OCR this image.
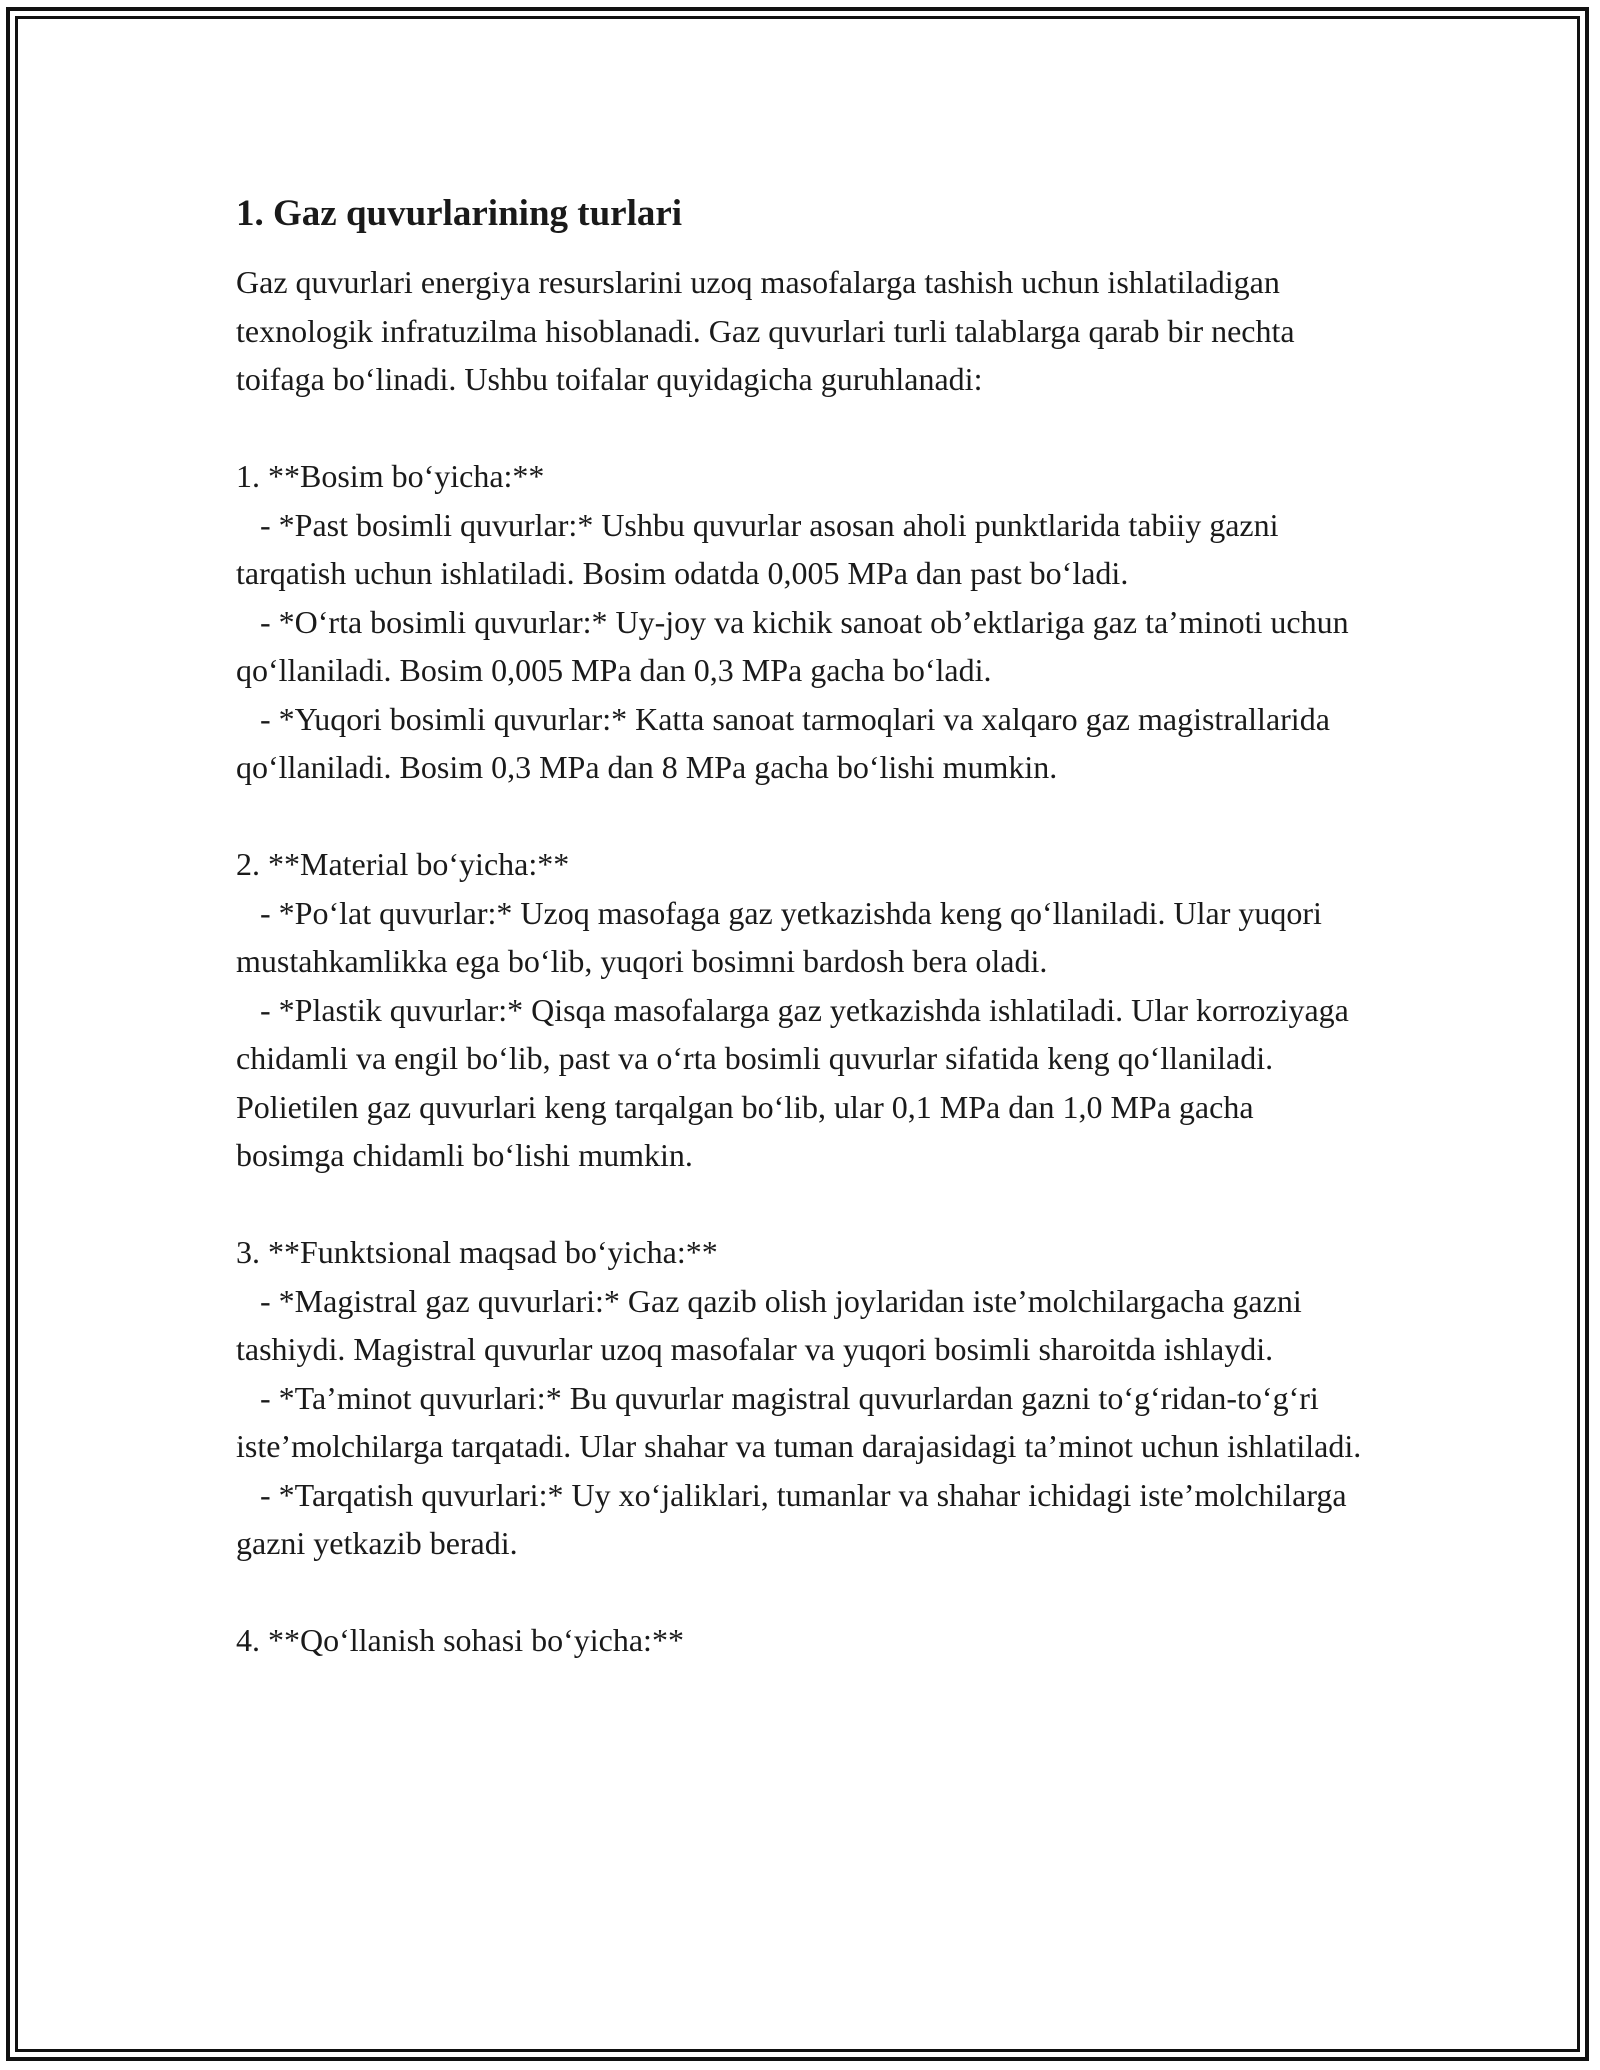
1. Gaz quvurlarining turlari
Gaz quvurlari energiya resurslarini uzoq masofalarga tashish uchun ishlatiladigan texnologik infratuzilma hisoblanadi. Gaz quvurlari turli talablarga qarab bir nechta toifaga bo‘linadi. Ushbu toifalar quyidagicha guruhlanadi:

1. **Bosim bo‘yicha:**
- *Past bosimli quvurlar:* Ushbu quvurlar asosan aholi punktlarida tabiiy gazni tarqatish uchun ishlatiladi. Bosim odatda 0,005 MPa dan past bo‘ladi.
- *O‘rta bosimli quvurlar:* Uy-joy va kichik sanoat ob’ektlariga gaz ta’minoti uchun qo‘llaniladi. Bosim 0,005 MPa dan 0,3 MPa gacha bo‘ladi.
- *Yuqori bosimli quvurlar:* Katta sanoat tarmoqlari va xalqaro gaz magistrallarida qo‘llaniladi. Bosim 0,3 MPa dan 8 MPa gacha bo‘lishi mumkin.

2. **Material bo‘yicha:**
- *Po‘lat quvurlar:* Uzoq masofaga gaz yetkazishda keng qo‘llaniladi. Ular yuqori mustahkamlikka ega bo‘lib, yuqori bosimni bardosh bera oladi.
- *Plastik quvurlar:* Qisqa masofalarga gaz yetkazishda ishlatiladi. Ular korroziyaga chidamli va engil bo‘lib, past va o‘rta bosimli quvurlar sifatida keng qo‘llaniladi. Polietilen gaz quvurlari keng tarqalgan bo‘lib, ular 0,1 MPa dan 1,0 MPa gacha bosimga chidamli bo‘lishi mumkin.

3. **Funktsional maqsad bo‘yicha:**
- *Magistral gaz quvurlari:* Gaz qazib olish joylaridan iste’molchilargacha gazni tashiydi. Magistral quvurlar uzoq masofalar va yuqori bosimli sharoitda ishlaydi.
- *Ta’minot quvurlari:* Bu quvurlar magistral quvurlardan gazni to‘g‘ridan-to‘g‘ri iste’molchilarga tarqatadi. Ular shahar va tuman darajasidagi ta’minot uchun ishlatiladi.
- *Tarqatish quvurlari:* Uy xo‘jaliklari, tumanlar va shahar ichidagi iste’molchilarga gazni yetkazib beradi.

4. **Qo‘llanish sohasi bo‘yicha:**
